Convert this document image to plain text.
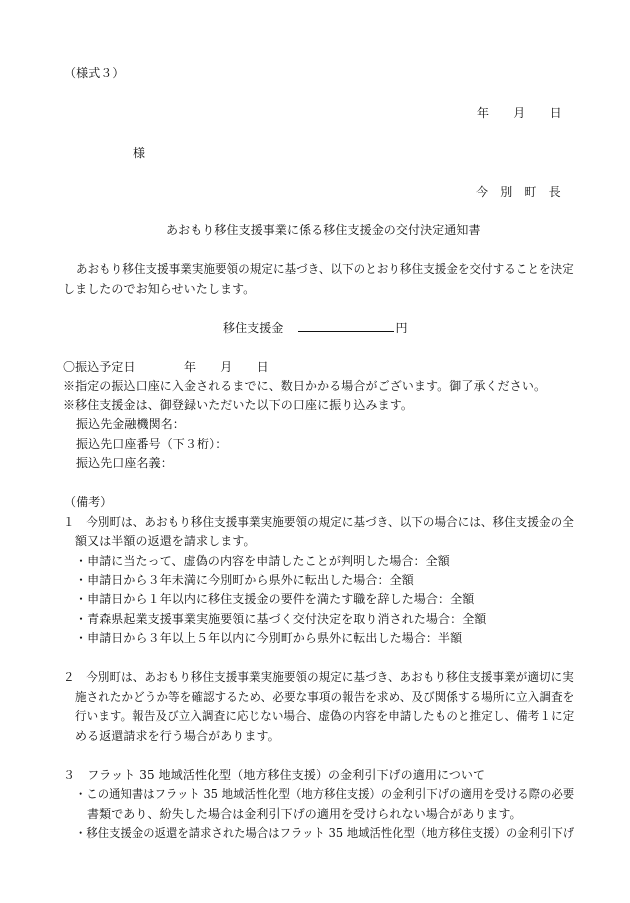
（様式３）
年　　月　　日
様
今　別　町　長
あおもり移住支援事業に係る移住支援金の交付決定通知書
あおもり移住支援事業実施要領の規定に基づき、以下のとおり移住支援金を交付することを決定
しましたのでお知らせいたします。
移住支援金	円
〇振込予定日　　　　年　　月　　日
※指定の振込口座に入金されるまでに、数日かかる場合がございます。御了承ください。
※移住支援金は、御登録いただいた以下の口座に振り込みます。
振込先金融機関名：
振込先口座番号（下３桁）：
振込先口座名義：
（備考）
１　今別町は、あおもり移住支援事業実施要領の規定に基づき、以下の場合には、移住支援金の全
額又は半額の返還を請求します。
・申請に当たって、虚偽の内容を申請したことが判明した場合：全額
・申請日から３年未満に今別町から県外に転出した場合：全額
・申請日から１年以内に移住支援金の要件を満たす職を辞した場合：全額
・青森県起業支援事業実施要領に基づく交付決定を取り消された場合：全額
・申請日から３年以上５年以内に今別町から県外に転出した場合：半額
２　今別町は、あおもり移住支援事業実施要領の規定に基づき、あおもり移住支援事業が適切に実
施されたかどうか等を確認するため、必要な事項の報告を求め、及び関係する場所に立入調査を
行います。報告及び立入調査に応じない場合、虚偽の内容を申請したものと推定し、備考１に定
める返還請求を行う場合があります。
３　フラット 35 地域活性化型（地方移住支援）の金利引下げの適用について
・この通知書はフラット 35 地域活性化型（地方移住支援）の金利引下げの適用を受ける際の必要
書類であり、紛失した場合は金利引下げの適用を受けられない場合があります。
・移住支援金の返還を請求された場合はフラット 35 地域活性化型（地方移住支援）の金利引下げ
